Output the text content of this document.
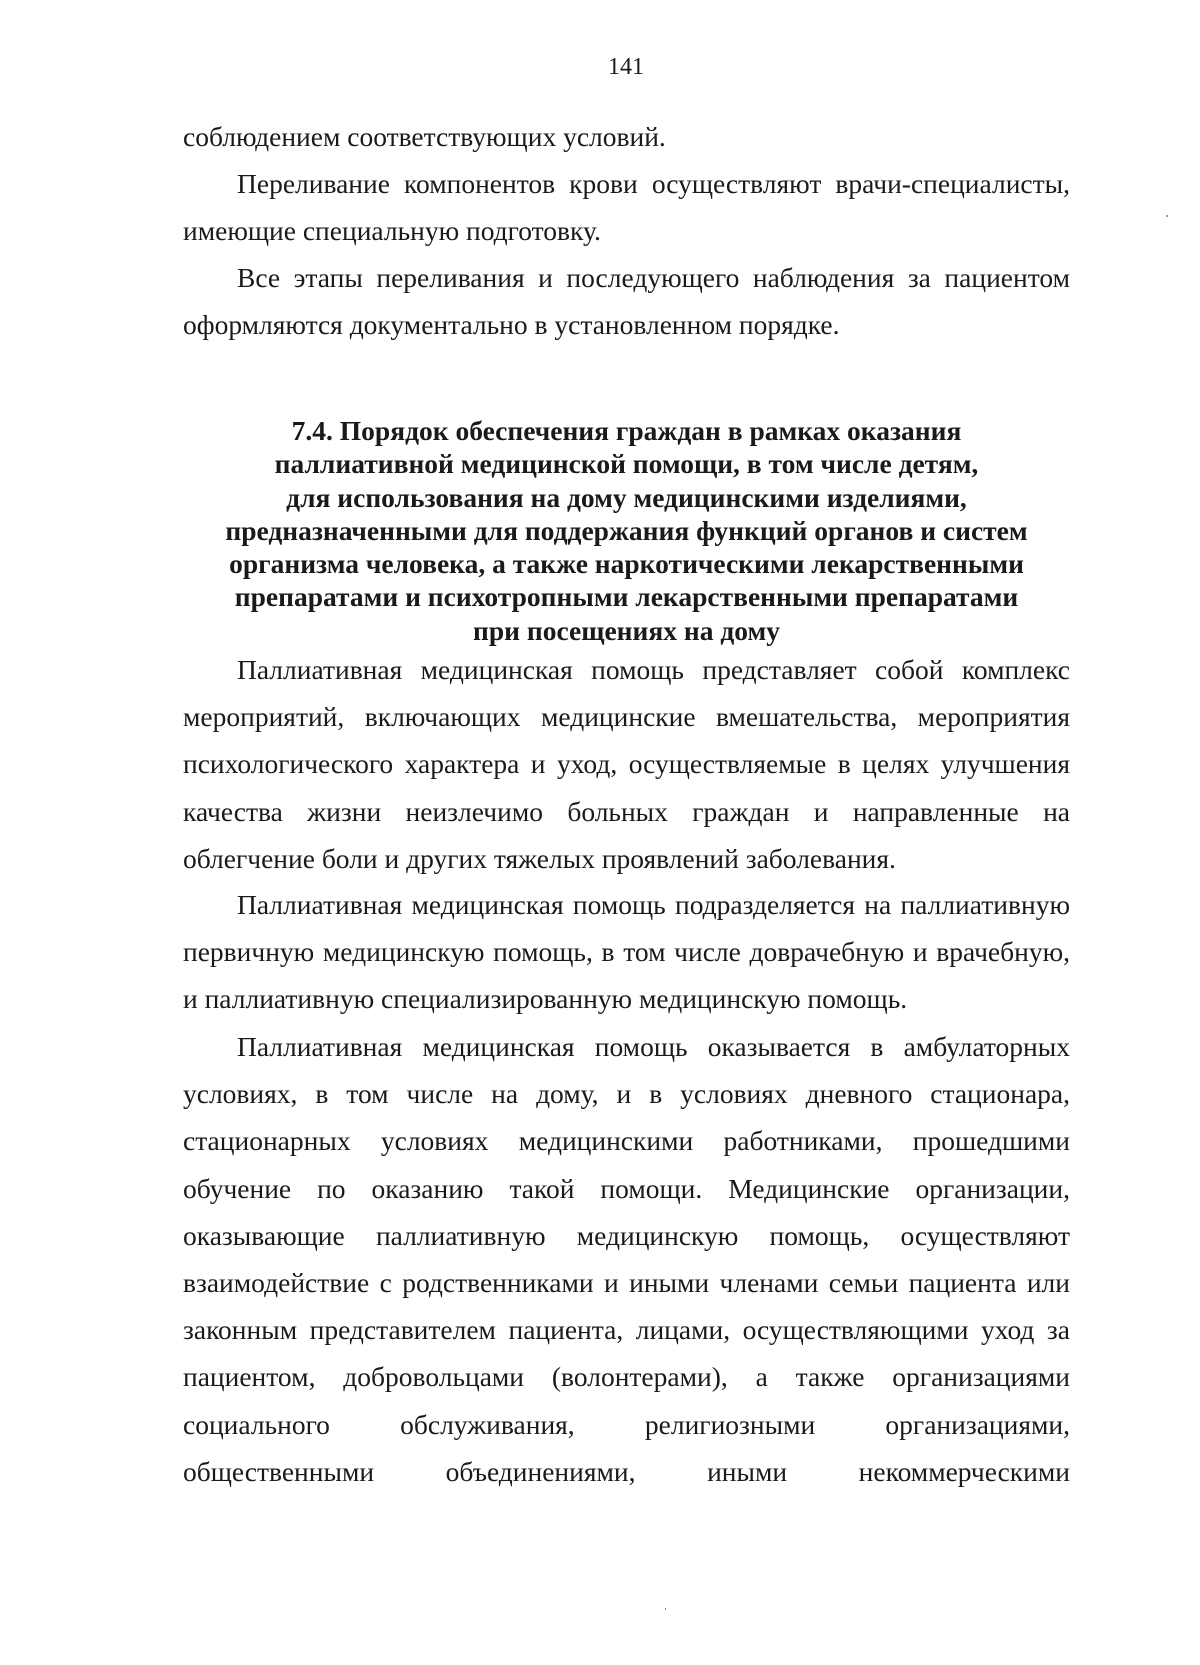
141

соблюдением соответствующих условий.

Переливание компонентов крови осуществляют врачи-специалисты, имеющие специальную подготовку.

Все этапы переливания и последующего наблюдения за пациентом оформляются документально в установленном порядке.

7.4. Порядок обеспечения граждан в рамках оказания
паллиативной медицинской помощи, в том числе детям,
для использования на дому медицинскими изделиями,
предназначенными для поддержания функций органов и систем
организма человека, а также наркотическими лекарственными
препаратами и психотропными лекарственными препаратами
при посещениях на дому

Паллиативная медицинская помощь представляет собой комплекс мероприятий, включающих медицинские вмешательства, мероприятия психологического характера и уход, осуществляемые в целях улучшения качества жизни неизлечимо больных граждан и направленные на облегчение боли и других тяжелых проявлений заболевания.

Паллиативная медицинская помощь подразделяется на паллиативную первичную медицинскую помощь, в том числе доврачебную и врачебную, и паллиативную специализированную медицинскую помощь.

Паллиативная медицинская помощь оказывается в амбулаторных условиях, в том числе на дому, и в условиях дневного стационара, стационарных условиях медицинскими работниками, прошедшими обучение по оказанию такой помощи. Медицинские организации, оказывающие паллиативную медицинскую помощь, осуществляют взаимодействие с родственниками и иными членами семьи пациента или законным представителем пациента, лицами, осуществляющими уход за пациентом, добровольцами (волонтерами), а также организациями социального обслуживания, религиозными организациями, общественными объединениями, иными некоммерческими
